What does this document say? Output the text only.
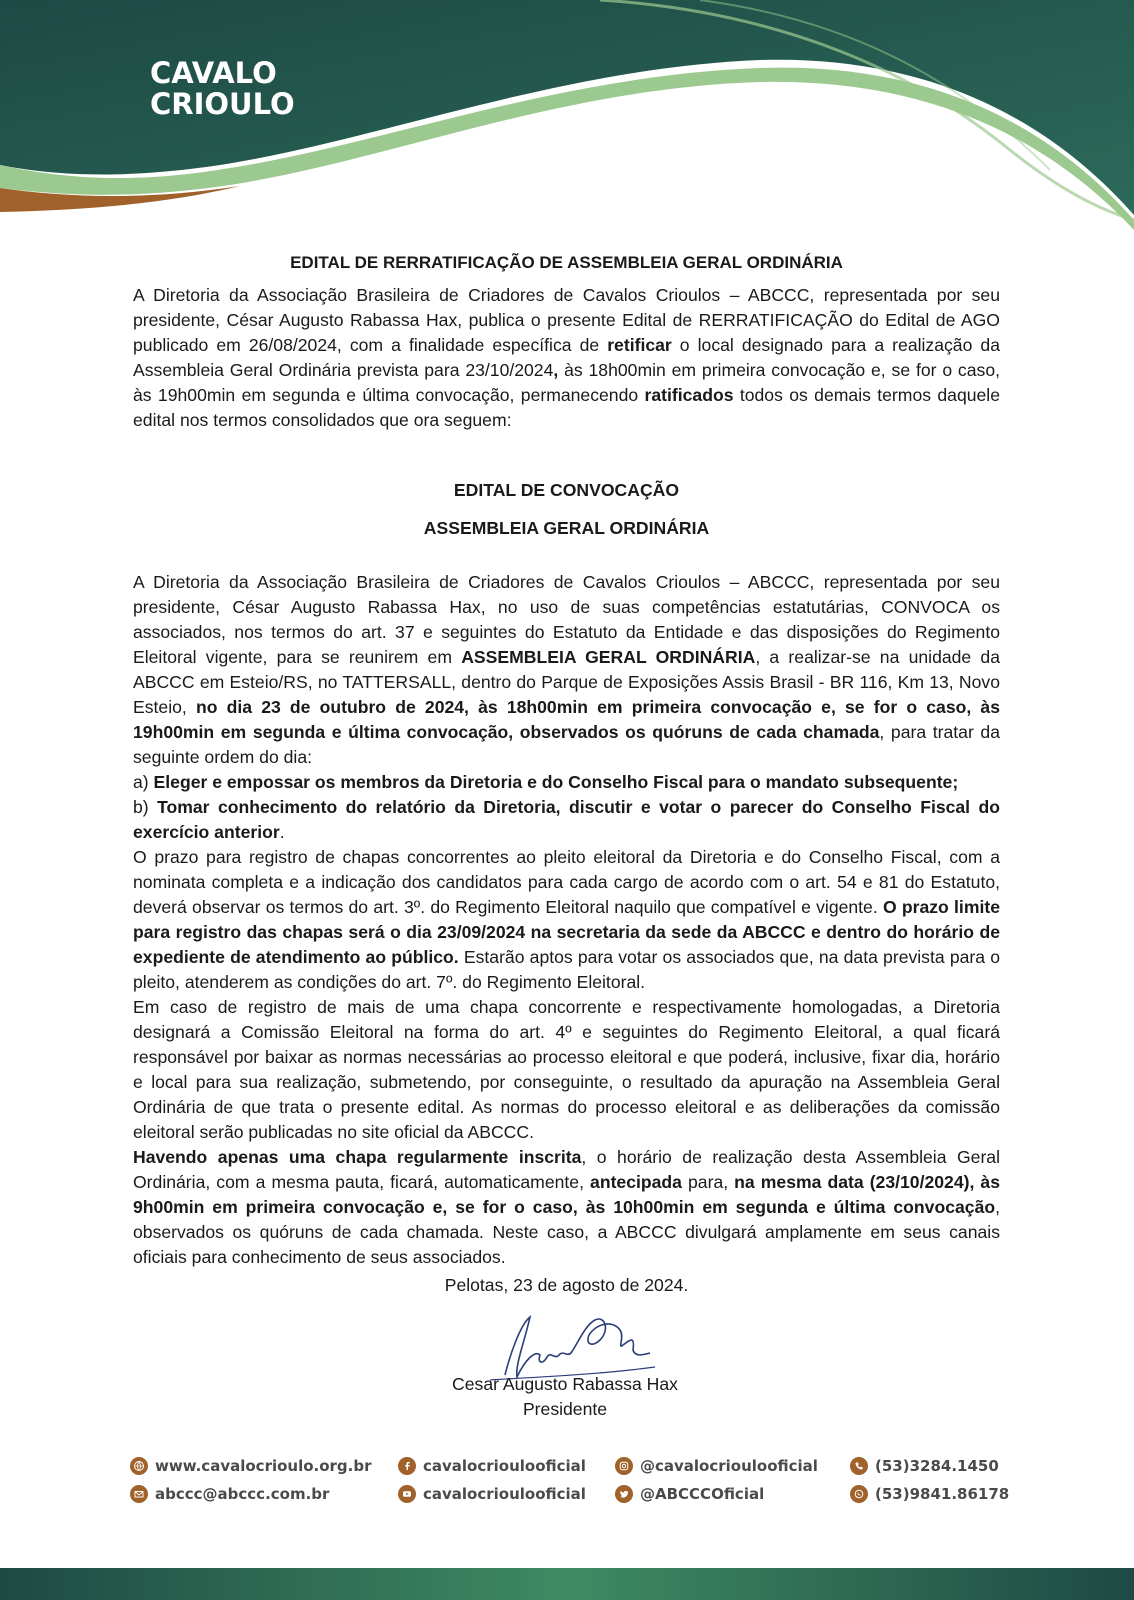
CAVALO
CRIOULO

EDITAL DE RERRATIFICAÇÃO DE ASSEMBLEIA GERAL ORDINÁRIA

A Diretoria da Associação Brasileira de Criadores de Cavalos Crioulos – ABCCC, representada por seu presidente, César Augusto Rabassa Hax, publica o presente Edital de RERRATIFICAÇÃO do Edital de AGO publicado em 26/08/2024, com a finalidade específica de retificar o local designado para a realização da Assembleia Geral Ordinária prevista para 23/10/2024, às 18h00min em primeira convocação e, se for o caso, às 19h00min em segunda e última convocação, permanecendo ratificados todos os demais termos daquele edital nos termos consolidados que ora seguem:

EDITAL DE CONVOCAÇÃO

ASSEMBLEIA GERAL ORDINÁRIA

A Diretoria da Associação Brasileira de Criadores de Cavalos Crioulos – ABCCC, representada por seu presidente, César Augusto Rabassa Hax, no uso de suas competências estatutárias, CONVOCA os associados, nos termos do art. 37 e seguintes do Estatuto da Entidade e das disposições do Regimento Eleitoral vigente, para se reunirem em ASSEMBLEIA GERAL ORDINÁRIA, a realizar-se na unidade da ABCCC em Esteio/RS, no TATTERSALL, dentro do Parque de Exposições Assis Brasil - BR 116, Km 13, Novo Esteio, no dia 23 de outubro de 2024, às 18h00min em primeira convocação e, se for o caso, às 19h00min em segunda e última convocação, observados os quóruns de cada chamada, para tratar da seguinte ordem do dia:

a) Eleger e empossar os membros da Diretoria e do Conselho Fiscal para o mandato subsequente;

b) Tomar conhecimento do relatório da Diretoria, discutir e votar o parecer do Conselho Fiscal do exercício anterior.

O prazo para registro de chapas concorrentes ao pleito eleitoral da Diretoria e do Conselho Fiscal, com a nominata completa e a indicação dos candidatos para cada cargo de acordo com o art. 54 e 81 do Estatuto, deverá observar os termos do art. 3º. do Regimento Eleitoral naquilo que compatível e vigente. O prazo limite para registro das chapas será o dia 23/09/2024 na secretaria da sede da ABCCC e dentro do horário de expediente de atendimento ao público. Estarão aptos para votar os associados que, na data prevista para o pleito, atenderem as condições do art. 7º. do Regimento Eleitoral.

Em caso de registro de mais de uma chapa concorrente e respectivamente homologadas, a Diretoria designará a Comissão Eleitoral na forma do art. 4º e seguintes do Regimento Eleitoral, a qual ficará responsável por baixar as normas necessárias ao processo eleitoral e que poderá, inclusive, fixar dia, horário e local para sua realização, submetendo, por conseguinte, o resultado da apuração na Assembleia Geral Ordinária de que trata o presente edital. As normas do processo eleitoral e as deliberações da comissão eleitoral serão publicadas no site oficial da ABCCC.

Havendo apenas uma chapa regularmente inscrita, o horário de realização desta Assembleia Geral Ordinária, com a mesma pauta, ficará, automaticamente, antecipada para, na mesma data (23/10/2024), às 9h00min em primeira convocação e, se for o caso, às 10h00min em segunda e última convocação, observados os quóruns de cada chamada. Neste caso, a ABCCC divulgará amplamente em seus canais oficiais para conhecimento de seus associados.

Pelotas, 23 de agosto de 2024.

Cesar Augusto Rabassa Hax
Presidente
www.cavalocrioulo.org.br
abccc@abccc.com.br
cavalocrioulooficial
cavalocrioulooficial
@cavalocrioulooficial
@ABCCCOficial
(53)3284.1450
(53)9841.86178
